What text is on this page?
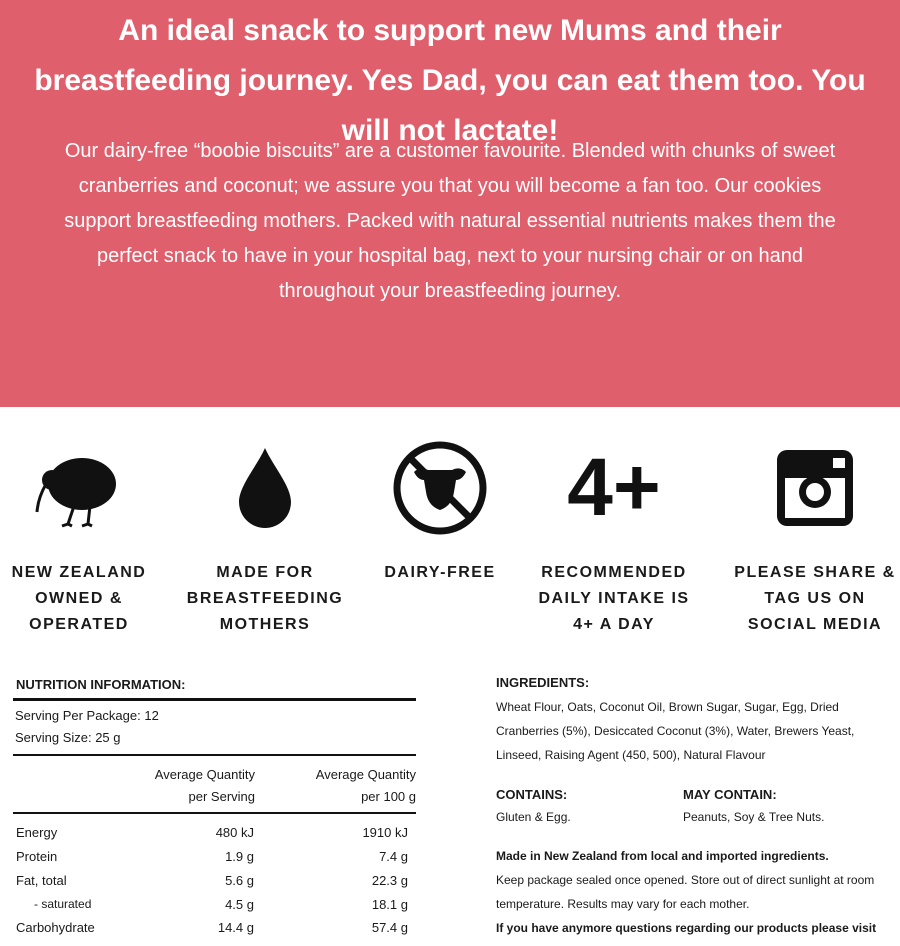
An ideal snack to support new Mums and their breastfeeding journey. Yes Dad, you can eat them too. You will not lactate!

Our dairy-free “boobie biscuits” are a customer favourite. Blended with chunks of sweet cranberries and coconut; we assure you that you will become a fan too. Our cookies support breastfeeding mothers. Packed with natural essential nutrients makes them the perfect snack to have in your hospital bag, next to your nursing chair or on hand throughout your breastfeeding journey.

NEW ZEALAND OWNED & OPERATED
MADE FOR BREASTFEEDING MOTHERS
DAIRY-FREE
4+
RECOMMENDED DAILY INTAKE IS 4+ A DAY
PLEASE SHARE & TAG US ON SOCIAL MEDIA
NUTRITION INFORMATION:
Serving Per Package: 12
Serving Size: 25 g
Average Quantity
per Serving
Average Quantity
per 100 g
Energy	480 kJ	1910 kJ
Protein	1.9 g	7.4 g
Fat, total	5.6 g	22.3 g
- saturated	4.5 g	18.1 g
Carbohydrate	14.4 g	57.4 g
INGREDIENTS:

Wheat Flour, Oats, Coconut Oil, Brown Sugar, Sugar, Egg, Dried Cranberries (5%), Desiccated Coconut (3%), Water, Brewers Yeast, Linseed, Raising Agent (450, 500), Natural Flavour

CONTAINS:

Gluten & Egg.

MAY CONTAIN:

Peanuts, Soy & Tree Nuts.

Made in New Zealand from local and imported ingredients.

Keep package sealed once opened. Store out of direct sunlight at room temperature. Results may vary for each mother.

If you have anymore questions regarding our products please visit
